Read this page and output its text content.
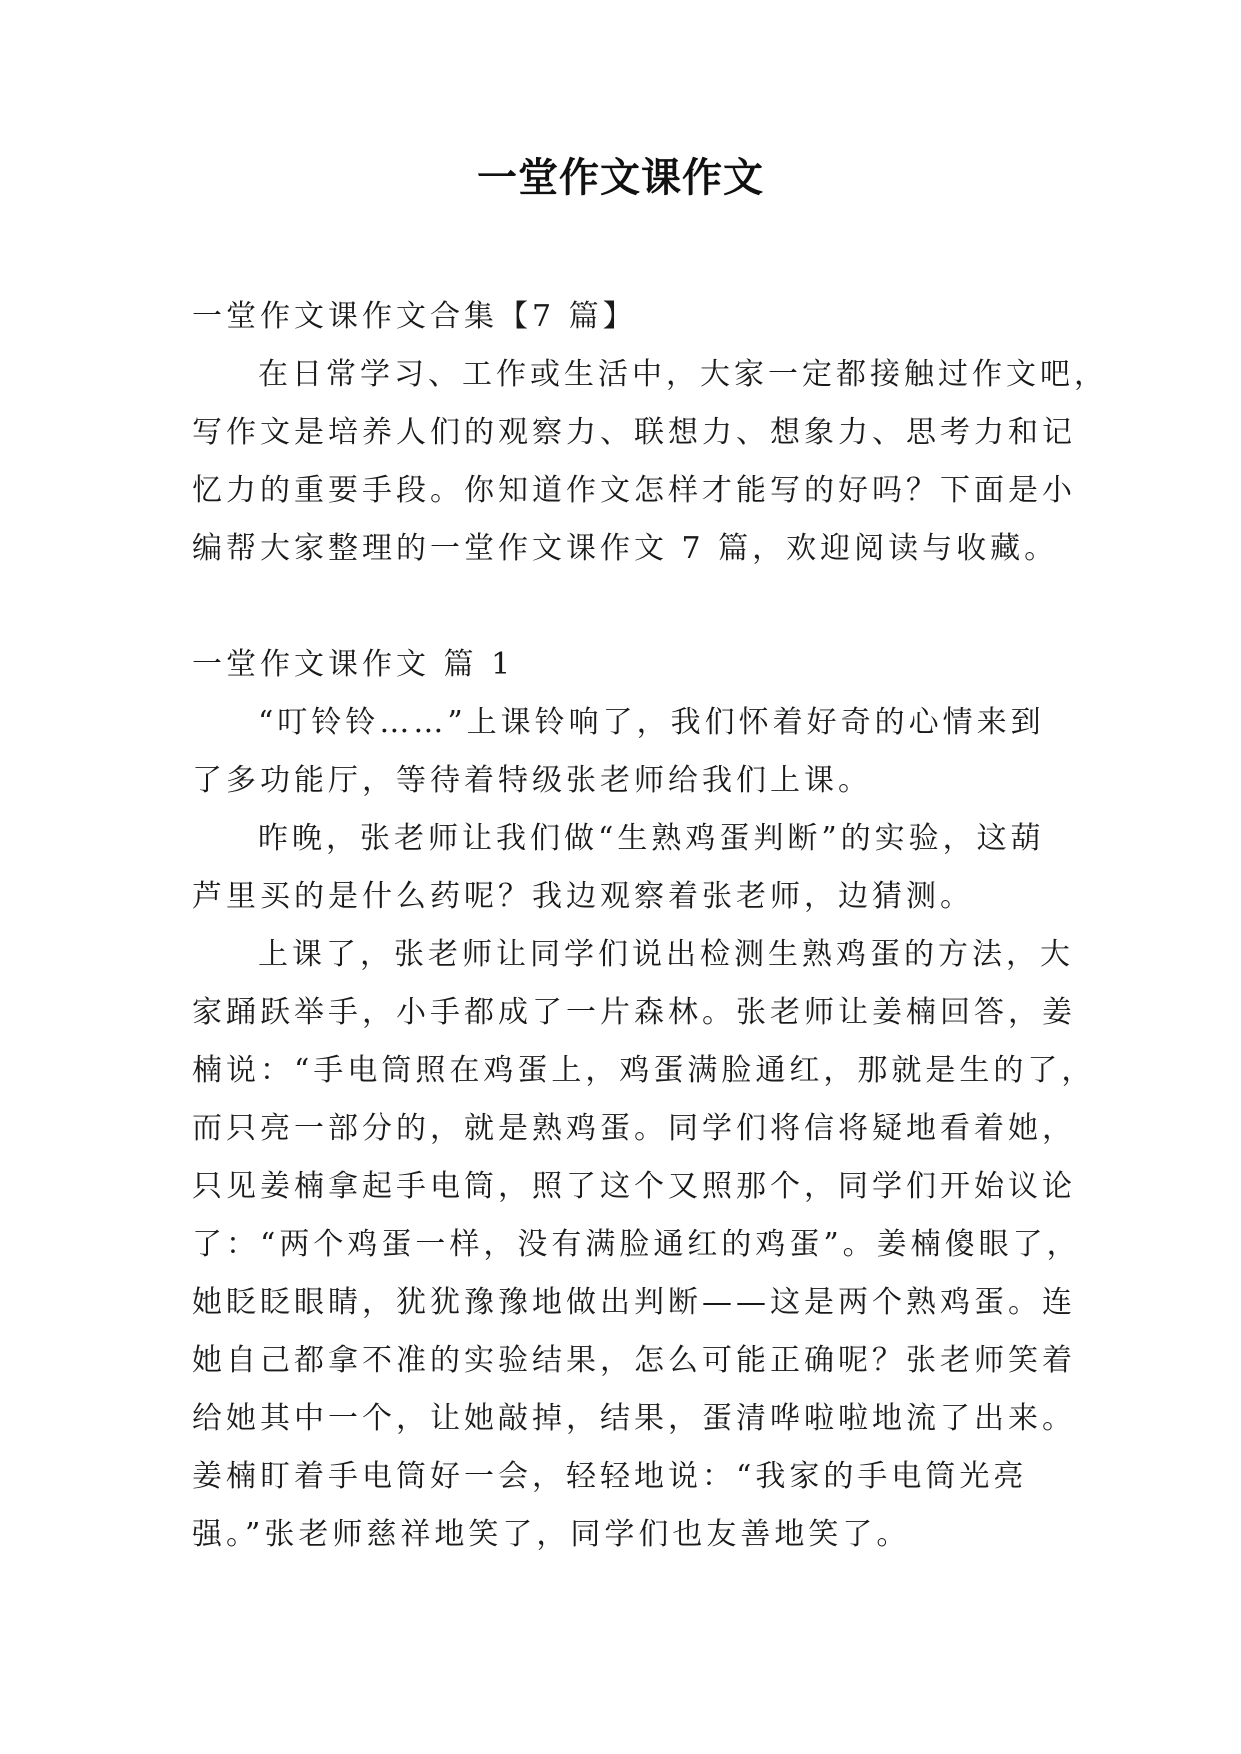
一堂作文课作文
一堂作文课作文合集【7 篇】
在日常学习、工作或生活中，大家一定都接触过作文吧，
写作文是培养人们的观察力、联想力、想象力、思考力和记
忆力的重要手段。你知道作文怎样才能写的好吗？下面是小
编帮大家整理的一堂作文课作文 7 篇，欢迎阅读与收藏。
一堂作文课作文 篇 1
“叮铃铃……”上课铃响了，我们怀着好奇的心情来到
了多功能厅，等待着特级张老师给我们上课。
昨晚，张老师让我们做“生熟鸡蛋判断”的实验，这葫
芦里买的是什么药呢？我边观察着张老师，边猜测。
上课了，张老师让同学们说出检测生熟鸡蛋的方法，大
家踊跃举手，小手都成了一片森林。张老师让姜楠回答，姜
楠说：“手电筒照在鸡蛋上，鸡蛋满脸通红，那就是生的了，
而只亮一部分的，就是熟鸡蛋。同学们将信将疑地看着她，
只见姜楠拿起手电筒，照了这个又照那个，同学们开始议论
了：“两个鸡蛋一样，没有满脸通红的鸡蛋”。姜楠傻眼了，
她眨眨眼睛，犹犹豫豫地做出判断——这是两个熟鸡蛋。连
她自己都拿不准的实验结果，怎么可能正确呢？张老师笑着
给她其中一个，让她敲掉，结果，蛋清哗啦啦地流了出来。
姜楠盯着手电筒好一会，轻轻地说：“我家的手电筒光亮
强。”张老师慈祥地笑了，同学们也友善地笑了。
